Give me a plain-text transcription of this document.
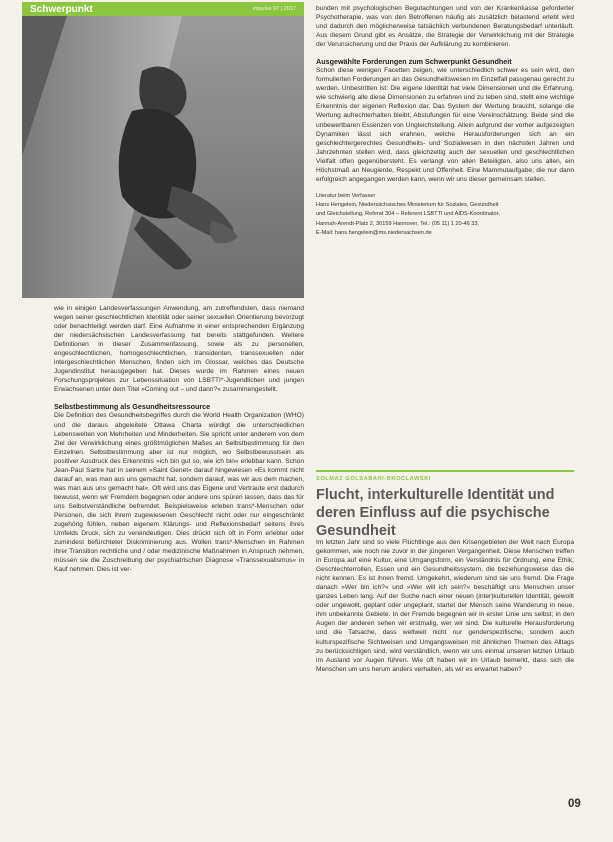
Schwerpunkt	impulse 97 | 2017

wie in einigen Landesverfassungen Anwendung, am zutreffendsten, dass niemand wegen seiner geschlechtlichen Identität oder seiner sexuellen Orientierung bevorzugt oder benachteiligt werden darf. Eine Aufnahme in einer entsprechenden Ergänzung der niedersächsischen Landesverfassung hat bereits stattgefunden. Weitere Definitionen in dieser Zusammenfassung, sowie als zu personellen, engeschlechtlichen, homogeschlechtlichen, transidenten, transsexuellen oder intergeschlechtlichen Menschen, finden sich im Glossar, welches das Deutsche Jugendinstitut herausgegeben hat. Dieses wurde im Rahmen eines neuen Forschungsprojektes zur Lebenssituation von LSBTTI*-Jugendlichen und jungen Erwachsenen unter dem Titel »Coming out – und dann?« zusammengestellt.

Selbstbestimmung als Gesundheitsressource

Die Definition des Gesundheitsbegriffes durch die World Health Organization (WHO) und die daraus abgeleitete Ottawa Charta würdigt die unterschiedlichen Lebenswelten von Mehrheiten und Minderheiten. Sie spricht unter anderem von dem Ziel der Verwirklichung eines größtmöglichen Maßes an Selbstbestimmung für den Einzelnen. Selbstbestimmung aber ist nur möglich, wo Selbstbewusstsein als positiver Ausdruck des Erkenntnis »ich bin gut so, wie ich bin« erlebbar kann. Schon Jean-Paul Sartre hat in seinem »Saint Genet« darauf hingewiesen »Es kommt nicht darauf an, was man aus uns gemacht hat, sondern darauf, was wir aus dem machen, was man aus uns gemacht hat«. Oft wird uns das Eigene und Vertraute erst dadurch bewusst, wenn wir Fremdem begegnen oder andere uns spüren lassen, dass das für uns Selbstverständliche befremdet. Beispielsweise erleben trans*-Menschen oder Personen, die sich ihrem zugewiesenen Geschlecht nicht oder nur eingeschränkt zugehörig fühlen, neben eigenem Klärungs- und Reflexionsbedarf seitens ihres Umfelds Druck, sich zu vereindeutigen. Dies drückt sich oft in Form erlebter oder zumindest befürchteter Diskriminierung aus. Wollen trans*-Menschen im Rahmen ihrer Transition rechtliche und / oder medizinische Maßnahmen in Anspruch nehmen, müssen sie die Zuschreibung der psychiatrischen Diagnose »Transsexualismus« in Kauf nehmen. Dies ist ver-

bunden mit psychologischen Begutachtungen und von der Krankenkasse geforderter Psychotherapie, was von den Betroffenen häufig als zusätzlich belastend erlebt wird und dadurch den möglicherweise tatsächlich verbundenen Beratungsbedarf unterläuft. Aus diesem Grund gibt es Ansätze, die Strategie der Verwirklichung mit der Strategie der Verunsicherung und der Praxis der Aufklärung zu kombinieren.

Ausgewählte Forderungen zum Schwerpunkt Gesundheit

Schon diese wenigen Facetten zeigen, wie unterschiedlich schwer es sein wird, den formulierten Forderungen an das Gesundheitswesen im Einzelfall passgenau gerecht zu werden. Unbestritten ist: Die eigene Identität hat viele Dimensionen und die Erfahrung, wie schwierig alle diese Dimensionen zu erfahren und zu leben sind, stellt eine wichtige Erkenntnis der eigenen Reflexion dar. Das System der Wertung braucht, solange die Wertung aufrechterhalten bleibt, Abstufungen für eine Vereinschätzung. Beide sind die unbewertbaren Essenzen von Ungleichstellung. Allein aufgrund der vorher aufgezeigten Dynamiken lässt sich erahnen, welche Herausforderungen sich an ein geschlechtergerechtes Gesundheits- und Sozialwesen in den nächsten Jahren und Jahrzehnten stellen wird, dass gleichzeitig auch der sexuellen und geschlechtlichen Vielfalt offen gegenübersteht. Es verlangt von allen Beteiligten, also uns allen, ein Höchstmaß an Neugierde, Respekt und Offenheit. Eine Mammutaufgabe, die nur dann erfolgreich angegangen werden kann, wenn wir uns dieser gemeinsam stellen.

Literatur beim Verfasser

Hans Hengelein, Niedersächsisches Ministerium für Soziales, Gesundheit

und Gleichstellung, Referat 304 – Referent LSBTTI und AIDS-Koordinator,

Hannah-Arendt-Platz 2, 30159 Hannover, Tel.: (05 11) 1 20-46 33,

E-Mail: hans.hengelein@ms.niedersachsen.de

SOLMAZ GOLSABAHI-BROCLAWSKI
Flucht, interkulturelle Identität und deren Einfluss auf die psychische Gesundheit

Im letzten Jahr sind so viele Flüchtlinge aus den Krisengebieten der Welt nach Europa gekommen, wie noch nie zuvor in der jüngeren Vergangenheit. Diese Menschen treffen in Europa auf eine Kultur, eine Umgangsform, ein Verständnis für Ordnung, eine Ethik, Geschlechterrollen, Essen und ein Gesundheitssystem, die beziehungsweise das die nicht kennen. Es ist ihnen fremd. Umgekehrt, wiederum sind sie uns fremd. Die Frage danach »Wer bin ich?« und »Wer will ich sein?« beschäftigt uns Menschen unser ganzes Leben lang. Auf der Suche nach einer neuen (inter)kulturellen Identität, gewollt oder ungewollt, geplant oder ungeplant, startet der Mensch seine Wanderung in neue, ihm unbekannte Gebiete. In der Fremde begegnen wir in erster Linie uns selbst; in den Augen der anderen sehen wir erstmalig, wer wir sind. Die kulturelle Herausforderung und die Tatsache, dass weltweit nicht nur genderspezifische, sondern auch kulturspezifische Sichtweisen und Umgangsweisen mit ähnlichen Themen des Alltags zu berücksichtigen sind, wird verständlich, wenn wir uns einmal unseren letzten Urlaub im Ausland vor Augen führen. Wie oft haben wir im Urlaub bemerkt, dass sich die Menschen um uns herum anders verhalten, als wir es erwartet haben?

09
